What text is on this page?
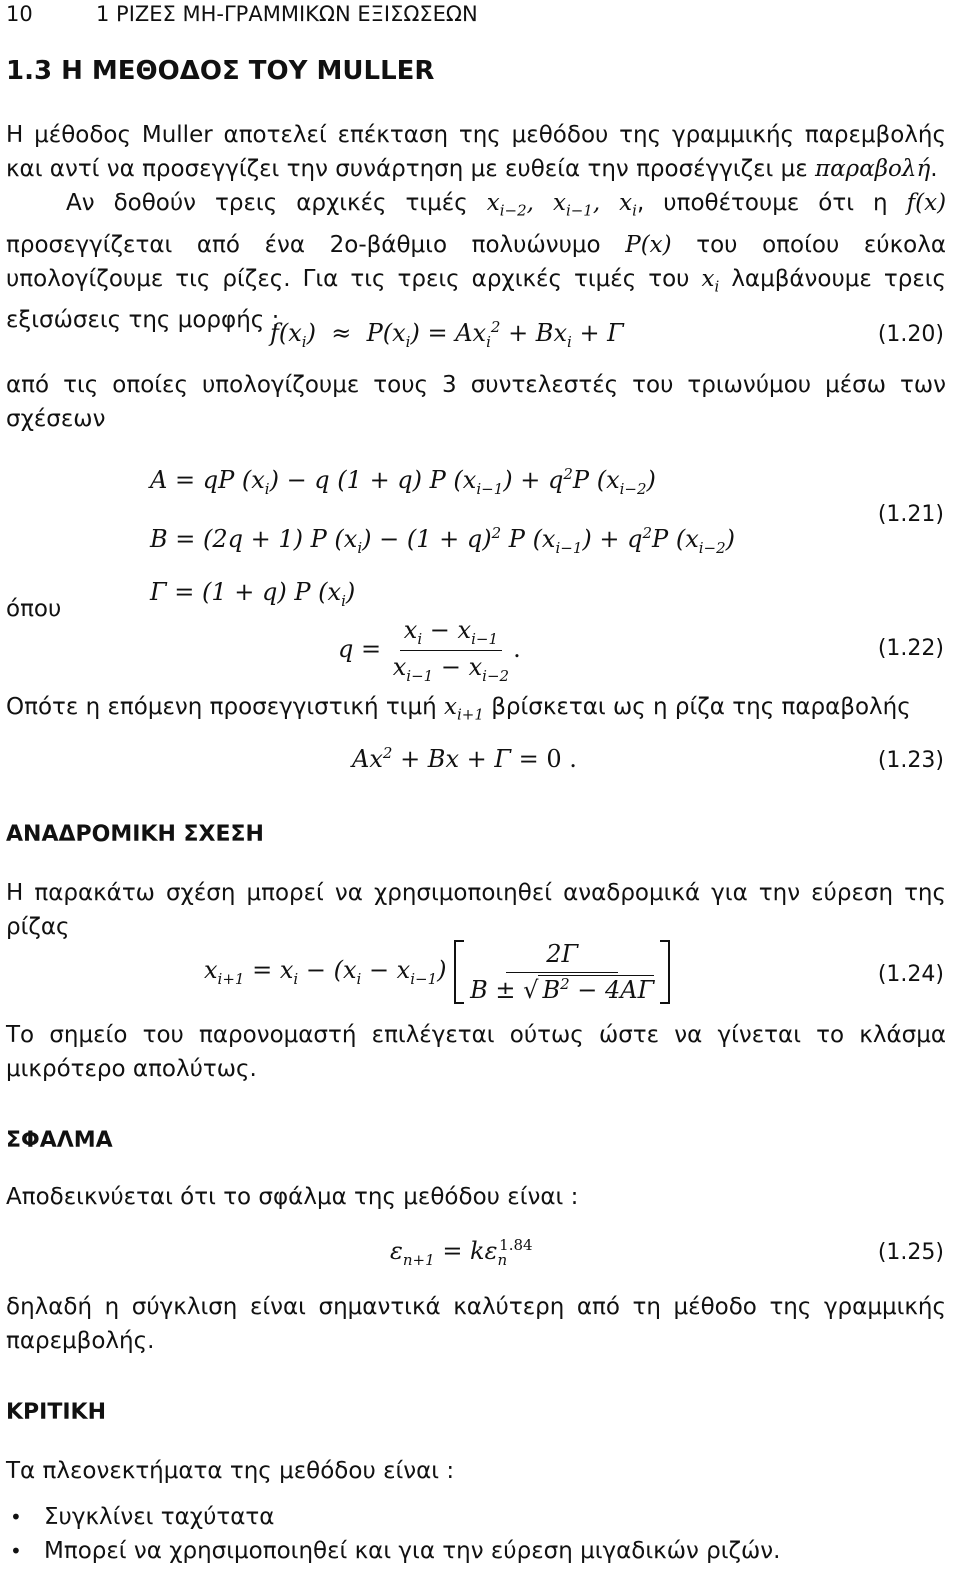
10	1 ΡΙΖΕΣ ΜΗ-ΓΡΑΜΜΙΚΩΝ ΕΞΙΣΩΣΕΩΝ
1.3 Η ΜΕΘΟΔΟΣ ΤΟΥ MULLER
Η μέθοδος Muller αποτελεί επέκταση της μεθόδου της γραμμικής παρεμβολής και αντί να προσεγγίζει την συνάρτηση με ευθεία την προσέγγιζει με παραβολή.
Αν δοθούν τρεις αρχικές τιμές $x_{i-2}$, $x_{i-1}$, $x_i$, υποθέτουμε ότι η f(x) προσεγγίζεται από ένα 2ο-βάθμιο πολυώνυμο P(x) του οποίου εύκολα υπολογίζουμε τις ρίζες. Για τις τρεις αρχικές τιμές του $x_i$ λαμβάνουμε τρεις εξισώσεις της μορφής :
$f(x_i) \approx P(x_i) = Ax_i^2 + Bx_i + \Gamma$	(1.20)
από τις οποίες υπολογίζουμε τους 3 συντελεστές του τριωνύμου μέσω των σχέσεων
A = qP $(x_i) - q$ (1 + q) P $(x_{i-1}) + q^2P$ $(x_{i-2})$
B = (2q + 1) P $(x_i) - (1 + q)^2$ P $(x_{i-1}) + q^2P$ $(x_{i-2})$
Γ = (1 + q) P $(x_i)$
(1.21)
όπου
$q = \frac{x_i - x_{i-1}}{x_{i-1} - x_{i-2}}$ .	(1.22)
Οπότε η επόμενη προσεγγιστική τιμή $x_{i+1}$ βρίσκεται ως η ρίζα της παραβολής
$Ax^2 + Bx + \Gamma = 0$ .	(1.23)
ΑΝΑΔΡΟΜΙΚΗ ΣΧΕΣΗ
Η παρακάτω σχέση μπορεί να χρησιμοποιηθεί αναδρομικά για την εύρεση της ρίζας
$x_{i+1} = x_i - (x_i - x_{i-1}) \frac{2\Gamma}{B \pm √ B^2 - 4A\Gamma}$	(1.24)
Το σημείο του παρονομαστή επιλέγεται ούτως ώστε να γίνεται το κλάσμα μικρότερο απολύτως.
ΣΦΑΛΜΑ
Αποδεικνύεται ότι το σφάλμα της μεθόδου είναι :
$\varepsilon_{n+1} = k\varepsilon_n^{1.84}$	(1.25)
δηλαδή η σύγκλιση είναι σημαντικά καλύτερη από τη μέθοδο της γραμμικής παρεμβολής.
ΚΡΙΤΙΚΗ
Τα πλεονεκτήματα της μεθόδου είναι :
• Συγκλίνει ταχύτατα
• Μπορεί να χρησιμοποιηθεί και για την εύρεση μιγαδικών ριζών.
